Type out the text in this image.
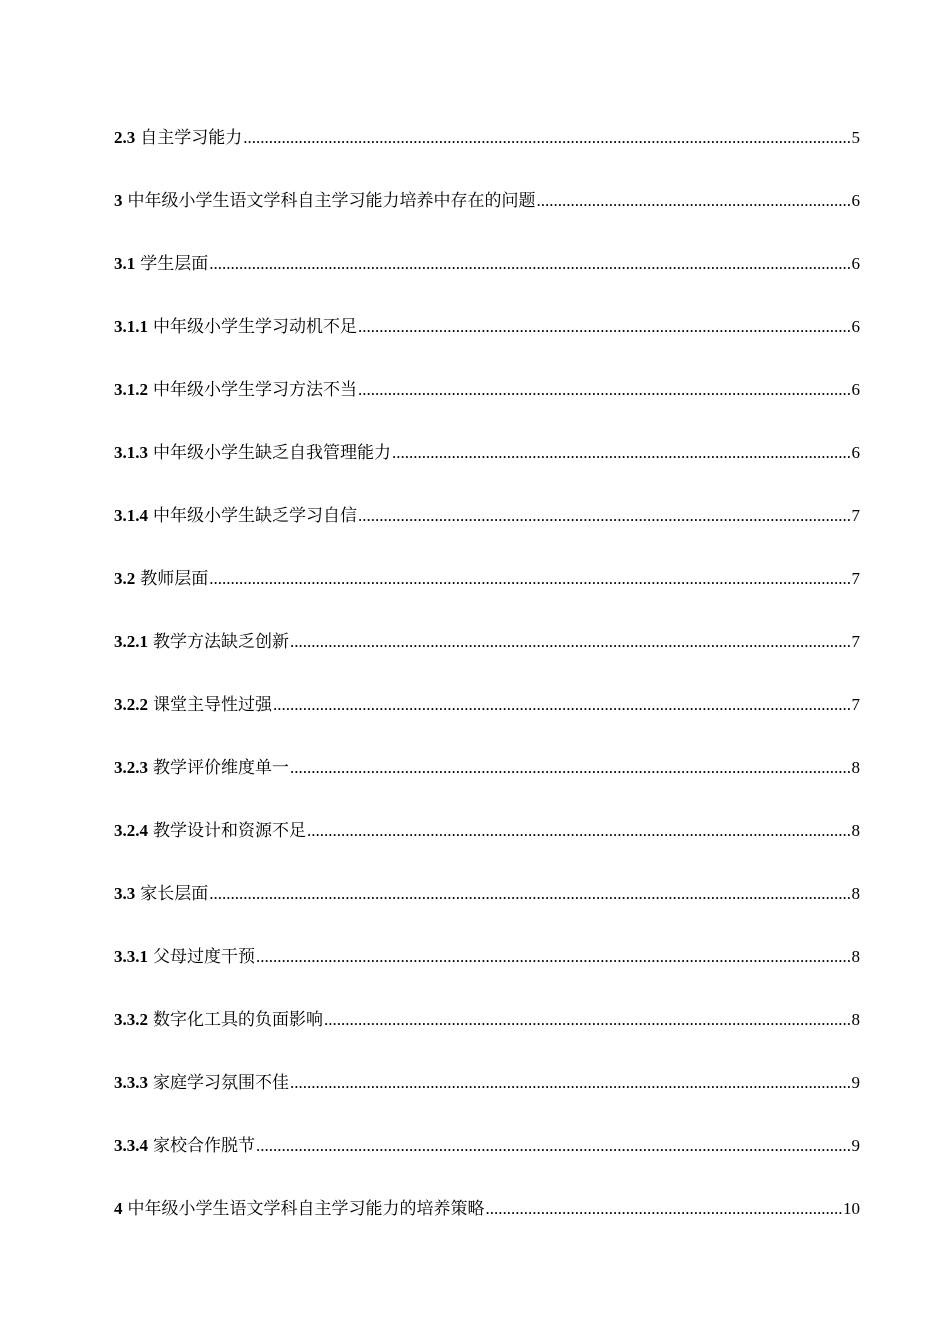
2.3 自主学习能力 .....	5
3 中年级小学生语文学科自主学习能力培养中存在的问题 .....	6
3.1 学生层面 .....	6
3.1.1 中年级小学生学习动机不足 .....	6
3.1.2 中年级小学生学习方法不当 .....	6
3.1.3 中年级小学生缺乏自我管理能力 .....	6
3.1.4 中年级小学生缺乏学习自信 .....	7
3.2 教师层面 .....	7
3.2.1 教学方法缺乏创新 .....	7
3.2.2 课堂主导性过强 .....	7
3.2.3 教学评价维度单一 .....	8
3.2.4 教学设计和资源不足 .....	8
3.3 家长层面 .....	8
3.3.1 父母过度干预 .....	8
3.3.2 数字化工具的负面影响 .....	8
3.3.3 家庭学习氛围不佳 .....	9
3.3.4 家校合作脱节 .....	9
4 中年级小学生语文学科自主学习能力的培养策略 .....	10
